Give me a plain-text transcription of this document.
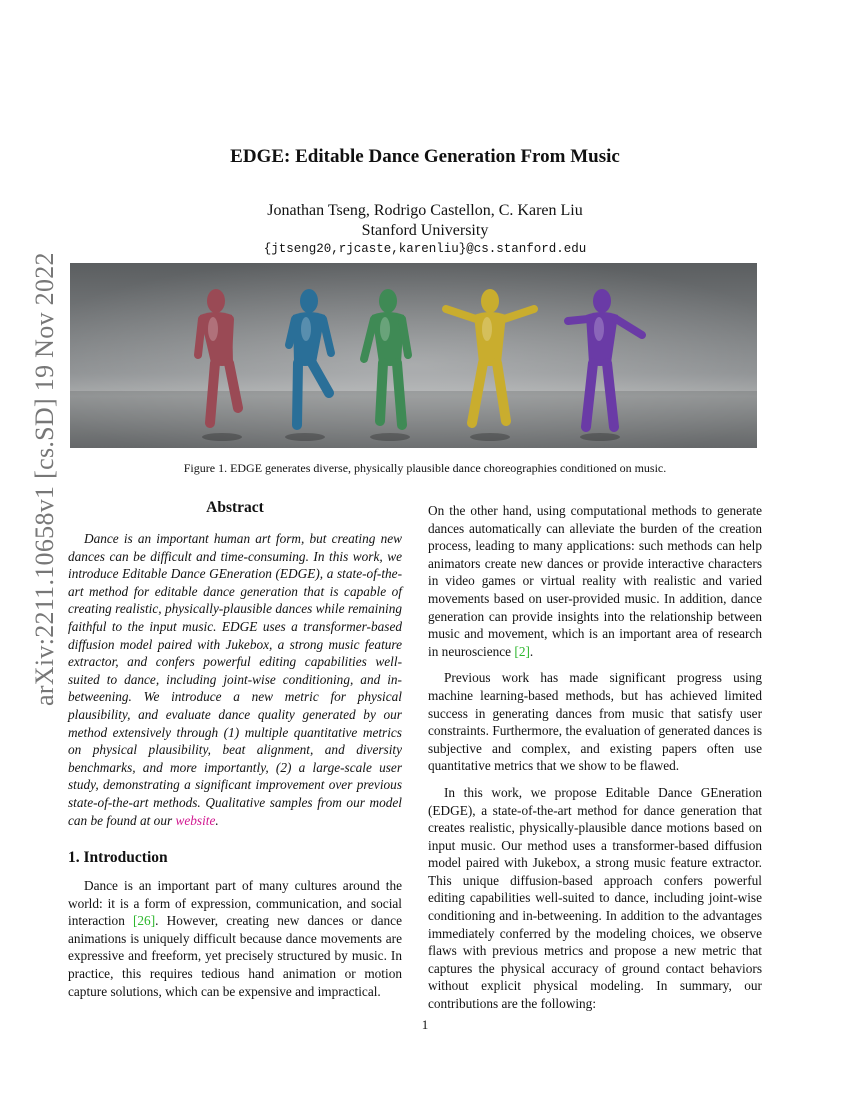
arXiv:2211.10658v1 [cs.SD] 19 Nov 2022
EDGE: Editable Dance Generation From Music
Jonathan Tseng, Rodrigo Castellon, C. Karen Liu
Stanford University
{jtseng20,rjcaste,karenliu}@cs.stanford.edu
Figure 1. EDGE generates diverse, physically plausible dance choreographies conditioned on music.
Abstract

Dance is an important human art form, but creating new dances can be difficult and time-consuming. In this work, we introduce Editable Dance GEneration (EDGE), a state-of-the-art method for editable dance generation that is capable of creating realistic, physically-plausible dances while remaining faithful to the input music. EDGE uses a transformer-based diffusion model paired with Jukebox, a strong music feature extractor, and confers powerful editing capabilities well-suited to dance, including joint-wise conditioning, and in-betweening. We introduce a new metric for physical plausibility, and evaluate dance quality generated by our method extensively through (1) multiple quantitative metrics on physical plausibility, beat alignment, and diversity benchmarks, and more importantly, (2) a large-scale user study, demonstrating a significant improvement over previous state-of-the-art methods. Qualitative samples from our model can be found at our website.

1. Introduction

Dance is an important part of many cultures around the world: it is a form of expression, communication, and social interaction [26]. However, creating new dances or dance animations is uniquely difficult because dance movements are expressive and freeform, yet precisely structured by music. In practice, this requires tedious hand animation or motion capture solutions, which can be expensive and impractical.

On the other hand, using computational methods to generate dances automatically can alleviate the burden of the creation process, leading to many applications: such methods can help animators create new dances or provide interactive characters in video games or virtual reality with realistic and varied movements based on user-provided music. In addition, dance generation can provide insights into the relationship between music and movement, which is an important area of research in neuroscience [2].

Previous work has made significant progress using machine learning-based methods, but has achieved limited success in generating dances from music that satisfy user constraints. Furthermore, the evaluation of generated dances is subjective and complex, and existing papers often use quantitative metrics that we show to be flawed.

In this work, we propose Editable Dance GEneration (EDGE), a state-of-the-art method for dance generation that creates realistic, physically-plausible dance motions based on input music. Our method uses a transformer-based diffusion model paired with Jukebox, a strong music feature extractor. This unique diffusion-based approach confers powerful editing capabilities well-suited to dance, including joint-wise conditioning and in-betweening. In addition to the advantages immediately conferred by the modeling choices, we observe flaws with previous metrics and propose a new metric that captures the physical accuracy of ground contact behaviors without explicit physical modeling. In summary, our contributions are the following:

1
